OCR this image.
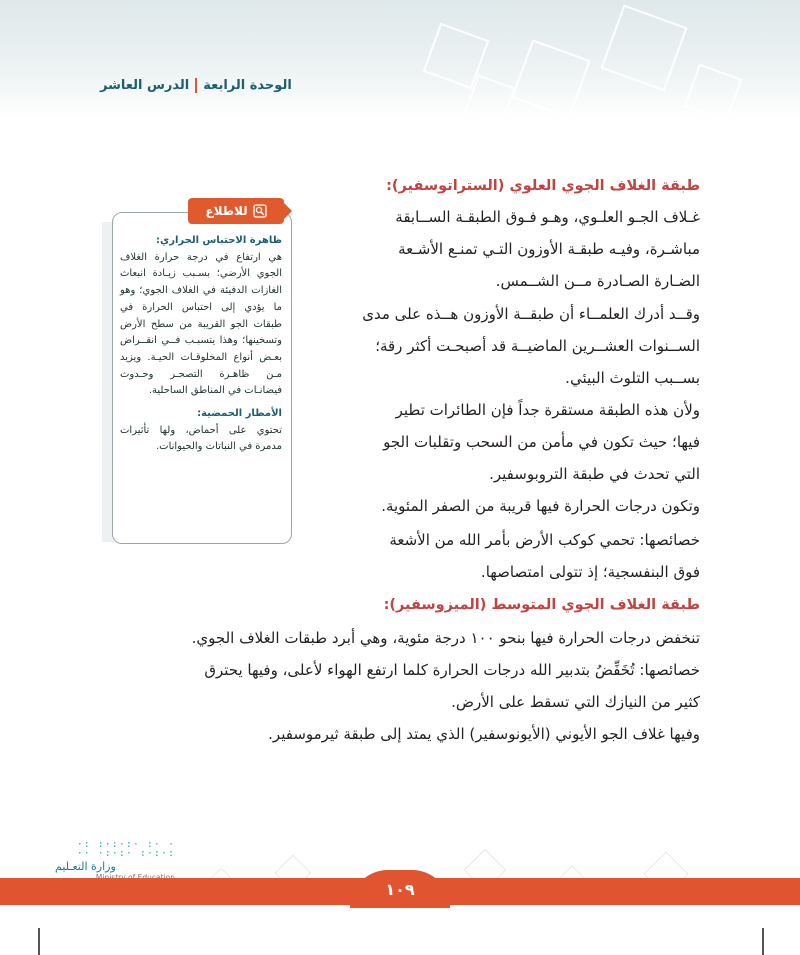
الوحدة الرابعةالدرس العاشر
طبقة الغلاف الجوي العلوي (الستراتوسفير):
غـلاف الجـو العلـوي، وهـو فـوق الطبقـة الســابقة
مباشـرة، وفيـه طبقـة الأوزون التـي تمنـع الأشـعة
الضـارة الصـادرة مــن الشــمس.
وقــد أدرك العلمــاء أن طبقــة الأوزون هــذه على مدى
الســنوات العشــرين الماضيــة قد أصبحـت أكثر رقة؛
بســبب التلوث البيئي.
ولأن هذه الطبقة مستقرة جداً فإن الطائرات تطير
فيها؛ حيث تكون في مأمن من السحب وتقلبات الجو
التي تحدث في طبقة التروبوسفير.
وتكون درجات الحرارة فيها قريبة من الصفر المئوية.
خصائصها: تحمي كوكب الأرض بأمر الله من الأشعة
فوق البنفسجية؛ إذ تتولى امتصاصها.
طبقة الغلاف الجوي المتوسط (الميزوسفير):
تنخفض درجات الحرارة فيها بنحو ١٠٠ درجة مئوية، وهي أبرد طبقات الغلاف الجوي.
خصائصها: تُخَفِّضُ بتدبير الله درجات الحرارة كلما ارتفع الهواء لأعلى، وفيها يحترق
كثير من النيازك التي تسقط على الأرض.
وفيها غلاف الجو الأيوني (الأيونوسفير) الذي يمتد إلى طبقة ثيرموسفير.
للاطلاع
ظاهرة الاحتباس الحراري:
هي ارتفاع في درجة حرارة الغلاف الجوي الأرضي؛ بسـبب زيـادة انبعاث الغازات الدفيئة في الغلاف الجوي؛ وهو ما يؤدي إلى احتباس الحرارة في طبقات الجو القريبة من سطح الأرض وتسخينها؛ وهذا يتسبـب فــي انقــراض بعـض أنواع المخلوقـات الحيـة. ويزيد مـن ظاهـرة التصحـر وحـدوث فيضانـات في المناطق الساحلية.
الأمطار الحمضية:
تحتوي على أحماض، ولها تأثيرات مدمرة في النباتات والحيوانات.
· ·: ·:·:·: :·
:·:·: ·:·:· ··
وزارة التعـليم
١٠٩
